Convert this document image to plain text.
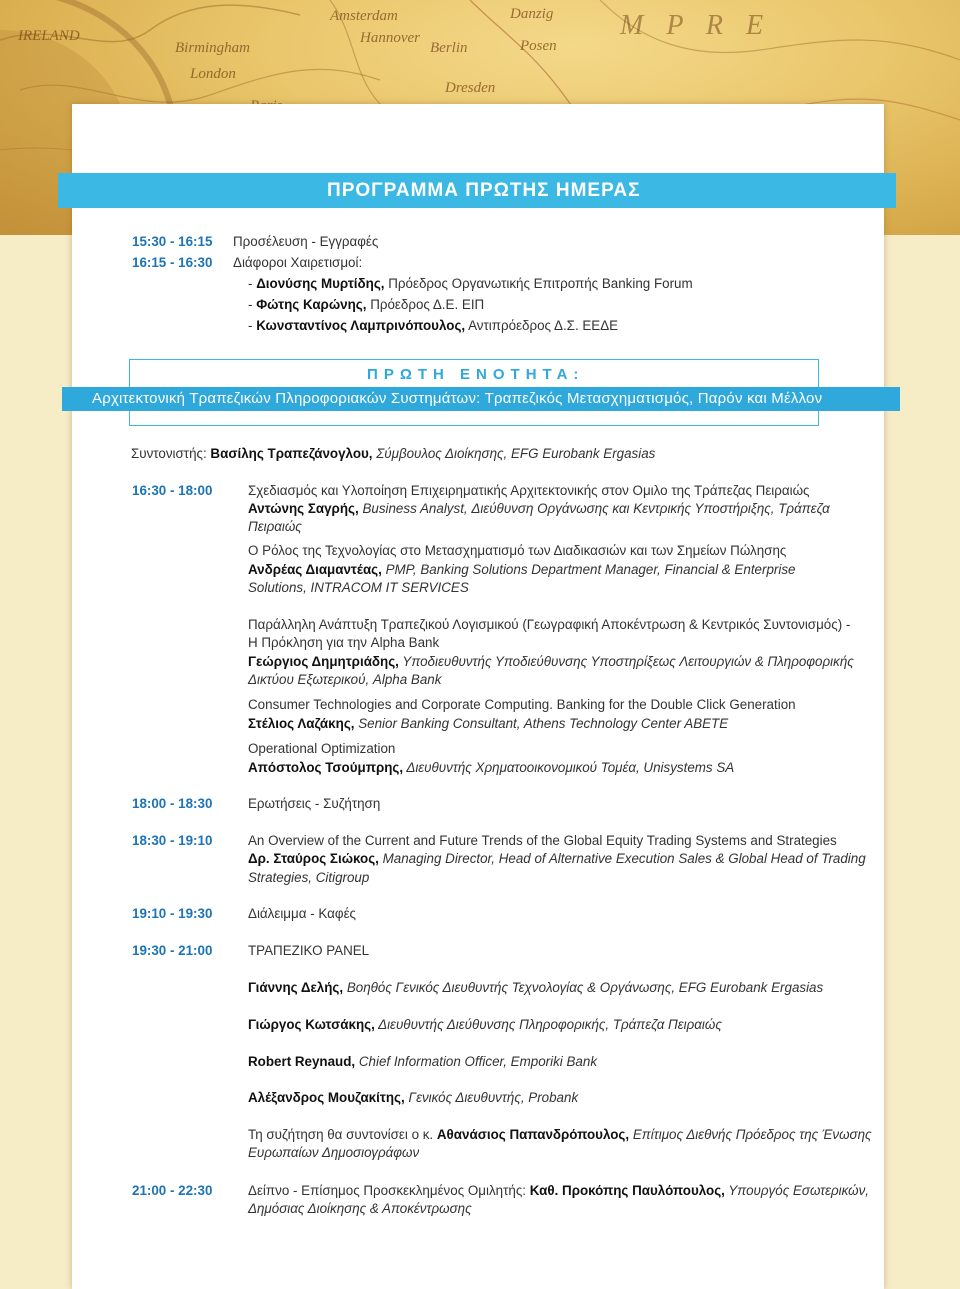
IRELAND
Birmingham
London
Berlin
Hannover
Amsterdam
Dresden
Danzig
Posen
M P R E
ΠΡΟΓΡΑΜΜΑ ΠΡΩΤΗΣ ΗΜΕΡΑΣ
15:30 - 16:15 Προσέλευση - Εγγραφές
16:15 - 16:30 Διάφοροι Χαιρετισμοί:
- Διονύσης Μυρτίδης, Πρόεδρος Οργανωτικής Επιτροπής Banking Forum
- Φώτης Καρώνης, Πρόεδρος Δ.Ε. ΕΙΠ
- Κωνσταντίνος Λαμπρινόπουλος, Αντιπρόεδρος Δ.Σ. ΕΕΔΕ
ΠΡΩΤΗ ΕΝΟΤΗΤΑ:
Αρχιτεκτονική Τραπεζικών Πληροφοριακών Συστημάτων: Τραπεζικός Μετασχηματισμός, Παρόν και Μέλλον
Συντονιστής: Βασίλης Τραπεζάνογλου, Σύμβουλος Διοίκησης, EFG Eurobank Ergasias
16:30 - 18:00	Σχεδιασμός και Υλοποίηση Επιχειρηματικής Αρχιτεκτονικής στον Ομιλο της Τράπεζας Πειραιώς
Αντώνης Σαγρής, Business Analyst, Διεύθυνση Οργάνωσης και Κεντρικής Υποστήριξης, Τράπεζα
Πειραιώς
Ο Ρόλος της Τεχνολογίας στο Μετασχηματισμό των Διαδικασιών και των Σημείων Πώλησης
Ανδρέας Διαμαντέας, PMP, Banking Solutions Department Manager, Financial & Enterprise
Solutions, INTRACOM IT SERVICES
Παράλληλη Ανάπτυξη Τραπεζικού Λογισμικού (Γεωγραφική Αποκέντρωση & Κεντρικός Συντονισμός) -
Η Πρόκληση για την Alpha Bank
Γεώργιος Δημητριάδης, Υποδιευθυντής Υποδιεύθυνσης Υποστηρίξεως Λειτουργιών & Πληροφορικής
Δικτύου Εξωτερικού, Alpha Bank
Consumer Technologies and Corporate Computing. Banking for the Double Click Generation
Στέλιος Λαζάκης, Senior Banking Consultant, Athens Technology Center ABETE
Operational Optimization
Απόστολος Τσούμπρης, Διευθυντής Χρηματοοικονομικού Τομέα, Unisystems SA
18:00 - 18:30	Ερωτήσεις - Συζήτηση
18:30 - 19:10	An Overview of the Current and Future Trends of the Global Equity Trading Systems and Strategies
Δρ. Σταύρος Σιώκος, Managing Director, Head of Alternative Execution Sales & Global Head of Trading
Strategies, Citigroup
19:10 - 19:30	Διάλειμμα - Καφές
19:30 - 21:00	ΤΡΑΠΕΖΙΚΟ PANEL
Γιάννης Δελής, Βοηθός Γενικός Διευθυντής Τεχνολογίας & Οργάνωσης, EFG Eurobank Ergasias
Γιώργος Κωτσάκης, Διευθυντής Διεύθυνσης Πληροφορικής, Τράπεζα Πειραιώς
Robert Reynaud, Chief Information Officer, Emporiki Bank
Αλέξανδρος Μουζακίτης, Γενικός Διευθυντής, Probank
Τη συζήτηση θα συντονίσει ο κ. Αθανάσιος Παπανδρόπουλος, Επίτιμος Διεθνής Πρόεδρος της Ένωσης
Ευρωπαίων Δημοσιογράφων
21:00 - 22:30	Δείπνο - Επίσημος Προσκεκλημένος Ομιλητής: Καθ. Προκόπης Παυλόπουλος, Υπουργός Εσωτερικών,
Δημόσιας Διοίκησης & Αποκέντρωσης
